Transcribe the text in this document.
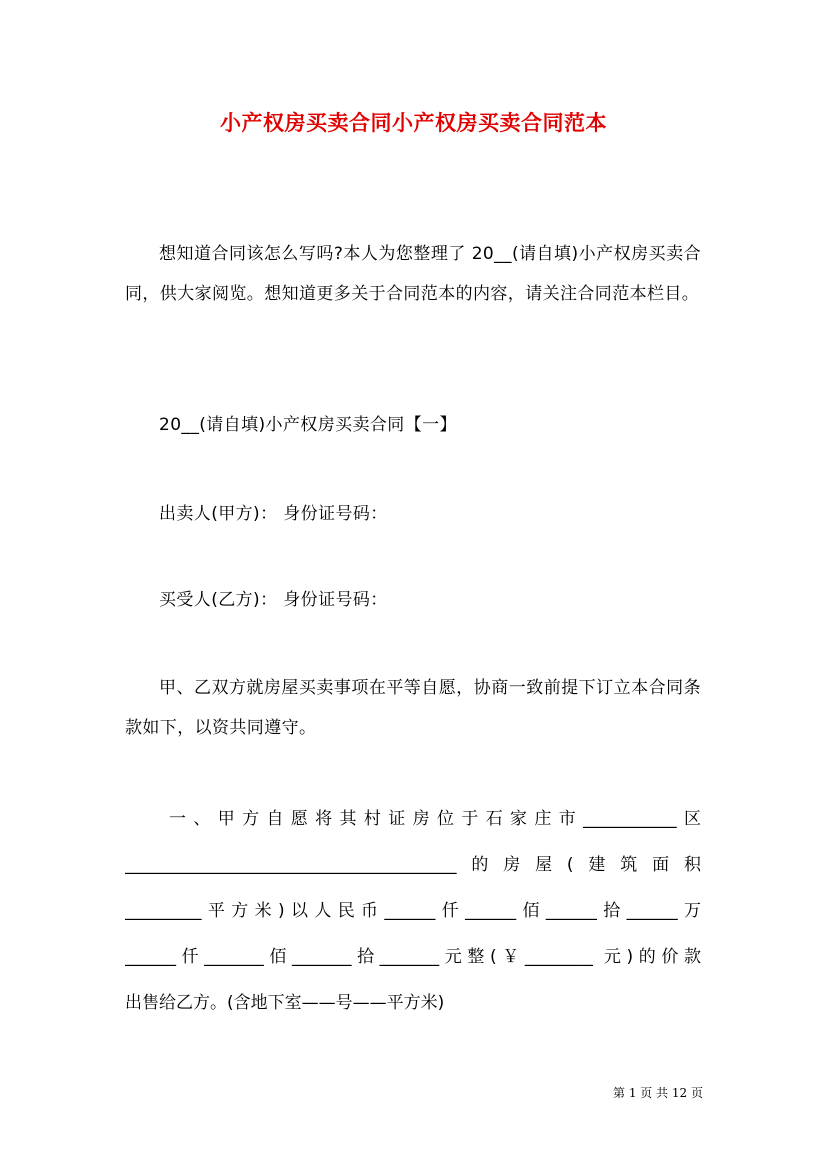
小产权房买卖合同小产权房买卖合同范本
想知道合同该怎么写吗?本人为您整理了 20__(请自填)小产权房买卖合同，供大家阅览。想知道更多关于合同范本的内容，请关注合同范本栏目。
20__(请自填)小产权房买卖合同【一】
出卖人(甲方)： 身份证号码：
买受人(乙方)： 身份证号码：
甲、乙双方就房屋买卖事项在平等自愿，协商一致前提下订立本合同条款如下，以资共同遵守。
一、甲方自愿将其村证房位于石家庄市___________区
_______________________________________的房屋(建筑面积
_________平方米)以人民币______仟______佰______拾______万
______仟_______佰_______拾_______元整(￥________ 元)的价款
出售给乙方。(含地下室——号——平方米)
第 1 页 共 12 页
